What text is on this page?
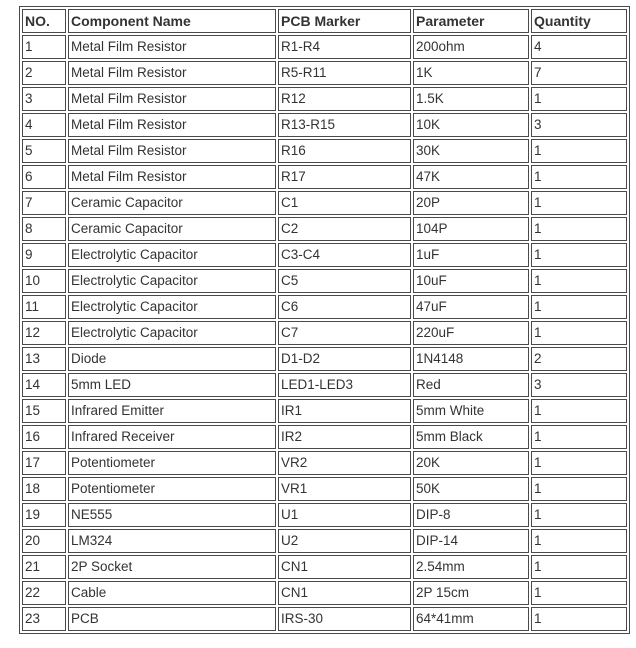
NO.	Component Name	PCB Marker	Parameter	Quantity
1	Metal Film Resistor	R1-R4	200ohm	4
2	Metal Film Resistor	R5-R11	1K	7
3	Metal Film Resistor	R12	1.5K	1
4	Metal Film Resistor	R13-R15	10K	3
5	Metal Film Resistor	R16	30K	1
6	Metal Film Resistor	R17	47K	1
7	Ceramic Capacitor	C1	20P	1
8	Ceramic Capacitor	C2	104P	1
9	Electrolytic Capacitor	C3-C4	1uF	1
10	Electrolytic Capacitor	C5	10uF	1
11	Electrolytic Capacitor	C6	47uF	1
12	Electrolytic Capacitor	C7	220uF	1
13	Diode	D1-D2	1N4148	2
14	5mm LED	LED1-LED3	Red	3
15	Infrared Emitter	IR1	5mm White	1
16	Infrared Receiver	IR2	5mm Black	1
17	Potentiometer	VR2	20K	1
18	Potentiometer	VR1	50K	1
19	NE555	U1	DIP-8	1
20	LM324	U2	DIP-14	1
21	2P Socket	CN1	2.54mm	1
22	Cable	CN1	2P 15cm	1
23	PCB	IRS-30	64*41mm	1
